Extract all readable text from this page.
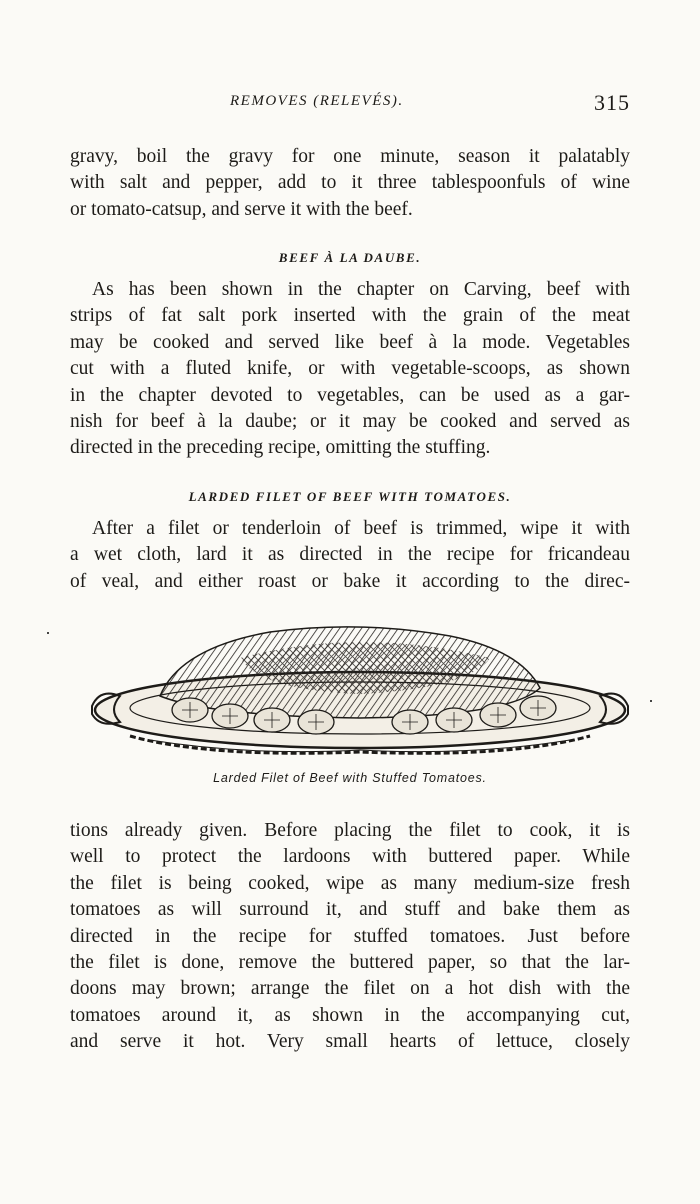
REMOVES (RELEVÉS).	315
gravy, boil the gravy for one minute, season it palatably
with salt and pepper, add to it three tablespoonfuls of wine
or tomato-catsup, and serve it with the beef.
BEEF À LA DAUBE.
As has been shown in the chapter on Carving, beef with
strips of fat salt pork inserted with the grain of the meat
may be cooked and served like beef à la mode. Vegetables
cut with a fluted knife, or with vegetable-scoops, as shown
in the chapter devoted to vegetables, can be used as a gar-
nish for beef à la daube; or it may be cooked and served as
directed in the preceding recipe, omitting the stuffing.
LARDED FILET OF BEEF WITH TOMATOES.
After a filet or tenderloin of beef is trimmed, wipe it with
a wet cloth, lard it as directed in the recipe for fricandeau
of veal, and either roast or bake it according to the direc-
Larded Filet of Beef with Stuffed Tomatoes.
tions already given. Before placing the filet to cook, it is
well to protect the lardoons with buttered paper. While
the filet is being cooked, wipe as many medium-size fresh
tomatoes as will surround it, and stuff and bake them as
directed in the recipe for stuffed tomatoes. Just before
the filet is done, remove the buttered paper, so that the lar-
doons may brown; arrange the filet on a hot dish with the
tomatoes around it, as shown in the accompanying cut,
and serve it hot. Very small hearts of lettuce, closely
